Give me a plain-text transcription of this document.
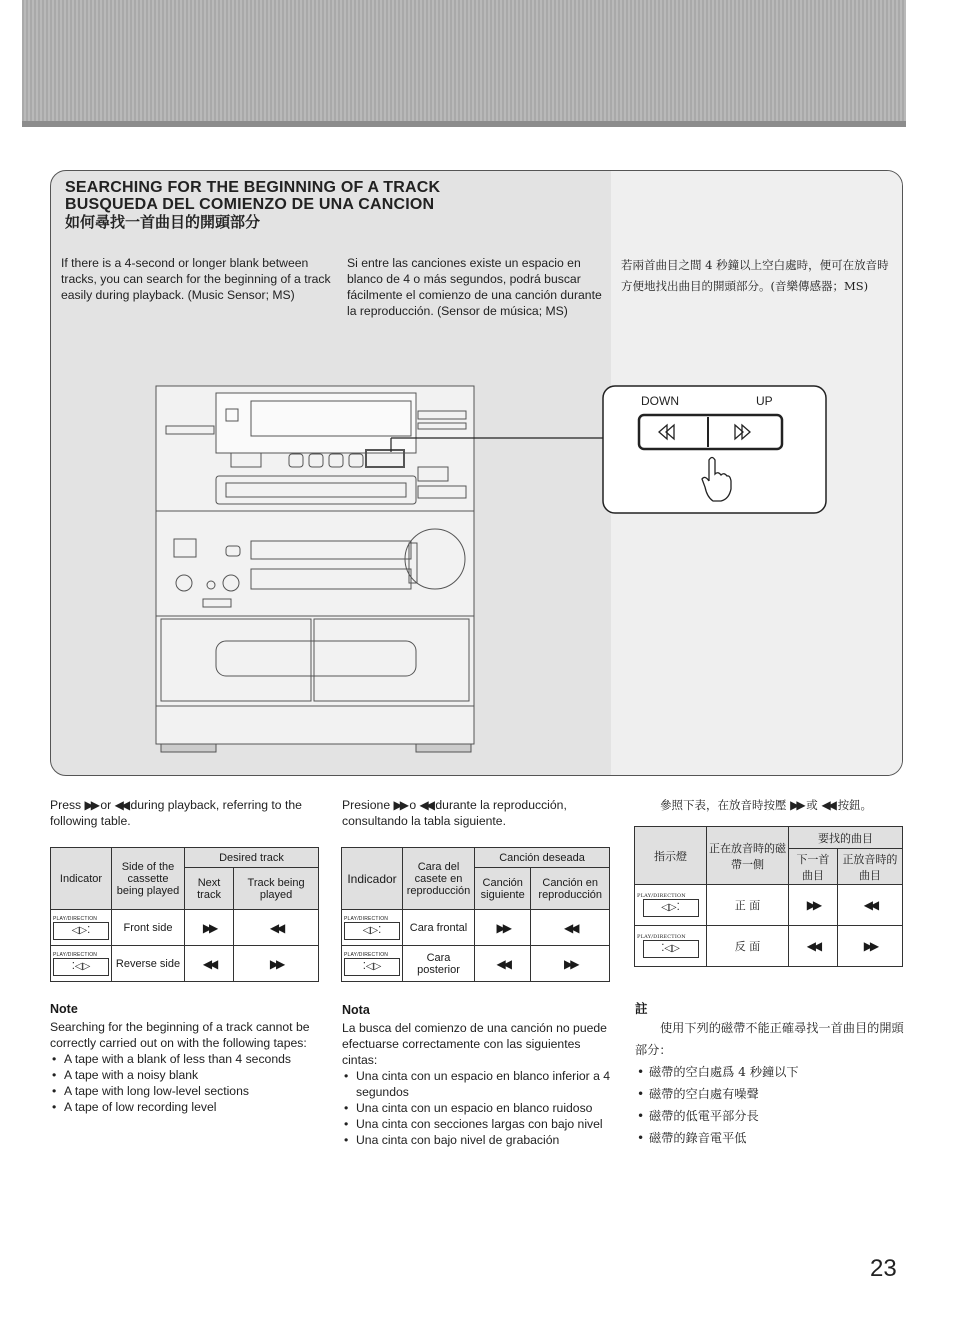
SEARCHING FOR THE BEGINNING OF A TRACK
BUSQUEDA DEL COMIENZO DE UNA CANCION
如何尋找一首曲目的開頭部分
If there is a 4-second or longer blank between tracks, you can search for the beginning of a track easily during playback. (Music Sensor; MS)
Si entre las canciones existe un espacio en blanco de 4 o más segundos, podrá buscar fácilmente el comienzo de una canción durante la reproducción. (Sensor de música; MS)
若兩首曲目之間 4 秒鐘以上空白處時，便可在放音時方便地找出曲目的開頭部分。(音樂傳感器；MS)
DOWN	UP
Press ▶▶ or ◀◀ during playback, referring to the following table.
Presione ▶▶ o ◀◀ durante la reproducción, consultando la tabla siguiente.
參照下表，在放音時按壓 ▶▶ 或 ◀◀ 按鈕。
Indicator	Side of the cassette being played	Desired track	
		Next track	Track being played

PLAY/DIRECTION
◁▷⁚	Front side	▶▶	◀◀

PLAY/DIRECTION
⁚◁▷	Reverse side	◀◀	▶▶
Indicador	Cara del casete en reproducción	Canción deseada	
		Canción siguiente	Canción en reproducción

PLAY/DIRECTION
◁▷⁚	Cara frontal	▶▶	◀◀

PLAY/DIRECTION
⁚◁▷	Cara posterior	◀◀	▶▶
指示燈	正在放音時的磁帶一側	要找的曲目	
		下一首曲目	正放音時的曲目

PLAY/DIRECTION
◁▷⁚	正 面	▶▶	◀◀

PLAY/DIRECTION
⁚◁▷	反 面	◀◀	▶▶
Note
Searching for the beginning of a track cannot be correctly carried out on with the following tapes:
• A tape with a blank of less than 4 seconds
• A tape with a noisy blank
• A tape with long low-level sections
• A tape of low recording level
Nota
La busca del comienzo de una canción no puede efectuarse correctamente con las siguientes cintas:
• Una cinta con un espacio en blanco inferior a 4 segundos
• Una cinta con un espacio en blanco ruidoso
• Una cinta con secciones largas con bajo nivel
• Una cinta con bajo nivel de grabación
註
使用下列的磁帶不能正確尋找一首曲目的開頭部分：
• 磁帶的空白處爲 4 秒鐘以下
• 磁帶的空白處有噪聲
• 磁帶的低電平部分長
• 磁帶的錄音電平低
23
